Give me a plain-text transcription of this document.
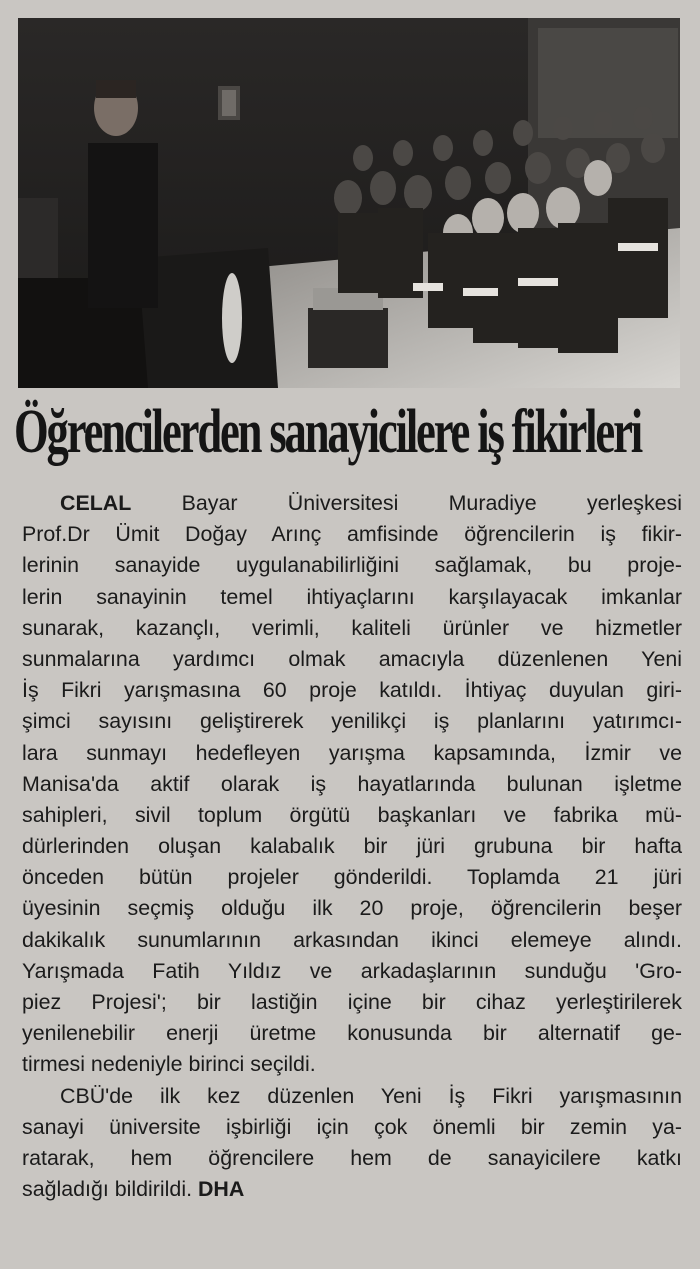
Öğrencilerden sanayicilere iş fikirleri
CELAL Bayar Üniversitesi Muradiye yerleşkesi
Prof.Dr Ümit Doğay Arınç amfisinde öğrencilerin iş fikir-
lerinin sanayide uygulanabilirliğini sağlamak, bu proje-
lerin sanayinin temel ihtiyaçlarını karşılayacak imkanlar
sunarak, kazançlı, verimli, kaliteli ürünler ve hizmetler
sunmalarına yardımcı olmak amacıyla düzenlenen Yeni
İş Fikri yarışmasına 60 proje katıldı. İhtiyaç duyulan giri-
şimci sayısını geliştirerek yenilikçi iş planlarını yatırımcı-
lara sunmayı hedefleyen yarışma kapsamında, İzmir ve
Manisa'da aktif olarak iş hayatlarında bulunan işletme
sahipleri, sivil toplum örgütü başkanları ve fabrika mü-
dürlerinden oluşan kalabalık bir jüri grubuna bir hafta
önceden bütün projeler gönderildi. Toplamda 21 jüri
üyesinin seçmiş olduğu ilk 20 proje, öğrencilerin beşer
dakikalık sunumlarının arkasından ikinci elemeye alındı.
Yarışmada Fatih Yıldız ve arkadaşlarının sunduğu 'Gro-
piez Projesi'; bir lastiğin içine bir cihaz yerleştirilerek
yenilenebilir enerji üretme konusunda bir alternatif ge-
tirmesi nedeniyle birinci seçildi.
CBÜ'de ilk kez düzenlen Yeni İş Fikri yarışmasının
sanayi üniversite işbirliği için çok önemli bir zemin ya-
ratarak, hem öğrencilere hem de sanayicilere katkı
sağladığı bildirildi. DHA
